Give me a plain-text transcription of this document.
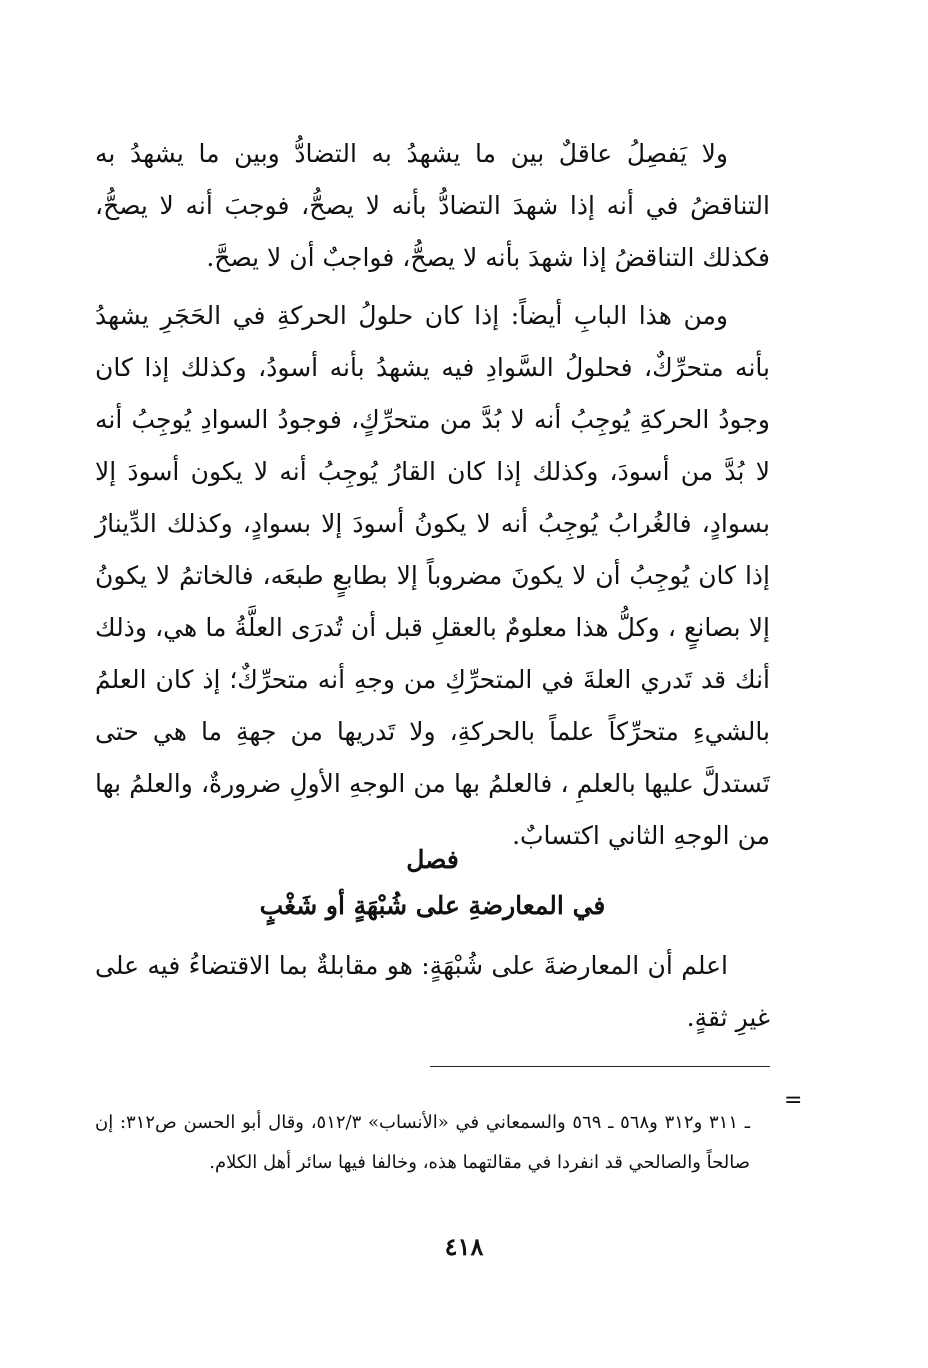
ولا يَفصِلُ عاقلٌ بين ما يشهدُ به التضادُّ وبين ما يشهدُ به التناقضُ في أنه إذا شهدَ التضادُّ بأنه لا يصحُّ، فوجبَ أنه لا يصحُّ، فكذلك التناقضُ إذا شهدَ بأنه لا يصحُّ، فواجبٌ أن لا يصحَّ.

ومن هذا البابِ أيضاً: إذا كان حلولُ الحركةِ في الحَجَرِ يشهدُ بأنه متحرِّكٌ، فحلولُ السَّوادِ فيه يشهدُ بأنه أسودُ، وكذلك إذا كان وجودُ الحركةِ يُوجِبُ أنه لا بُدَّ من متحرِّكٍ، فوجودُ السوادِ يُوجِبُ أنه لا بُدَّ من أسودَ، وكذلك إذا كان القارُ يُوجِبُ أنه لا يكون أسودَ إلا بسوادٍ، فالغُرابُ يُوجِبُ أنه لا يكونُ أسودَ إلا بسوادٍ، وكذلك الدِّينارُ إذا كان يُوجِبُ أن لا يكونَ مضروباً إلا بطابعٍ طبعَه، فالخاتمُ لا يكونُ إلا بصانعٍ ، وكلُّ هذا معلومٌ بالعقلِ قبل أن تُدرَى العلَّةُ ما هي، وذلك أنك قد تَدري العلةَ في المتحرِّكِ من وجهِ أنه متحرِّكٌ؛ إذ كان العلمُ بالشيءِ متحرِّكاً علماً بالحركةِ، ولا تَدريها من جهةِ ما هي حتى تَستدلَّ عليها بالعلمِ ، فالعلمُ بها من الوجهِ الأولِ ضرورةٌ، والعلمُ بها من الوجهِ الثاني اكتسابٌ.

فصل
في المعارضةِ على شُبْهَةٍ أو شَغْبٍ

اعلم أن المعارضةَ على شُبْهَةٍ: هو مقابلةٌ بما الاقتضاءُ فيه على غيرِ ثقةٍ.

=

ـ ٣١١ و٣١٢ و٥٦٨ ـ ٥٦٩ والسمعاني في «الأنساب» ٥١٢/٣، وقال أبو الحسن ص٣١٢: إن صالحاً والصالحي قد انفردا في مقالتهما هذه، وخالفا فيها سائر أهل الكلام.

٤١٨
